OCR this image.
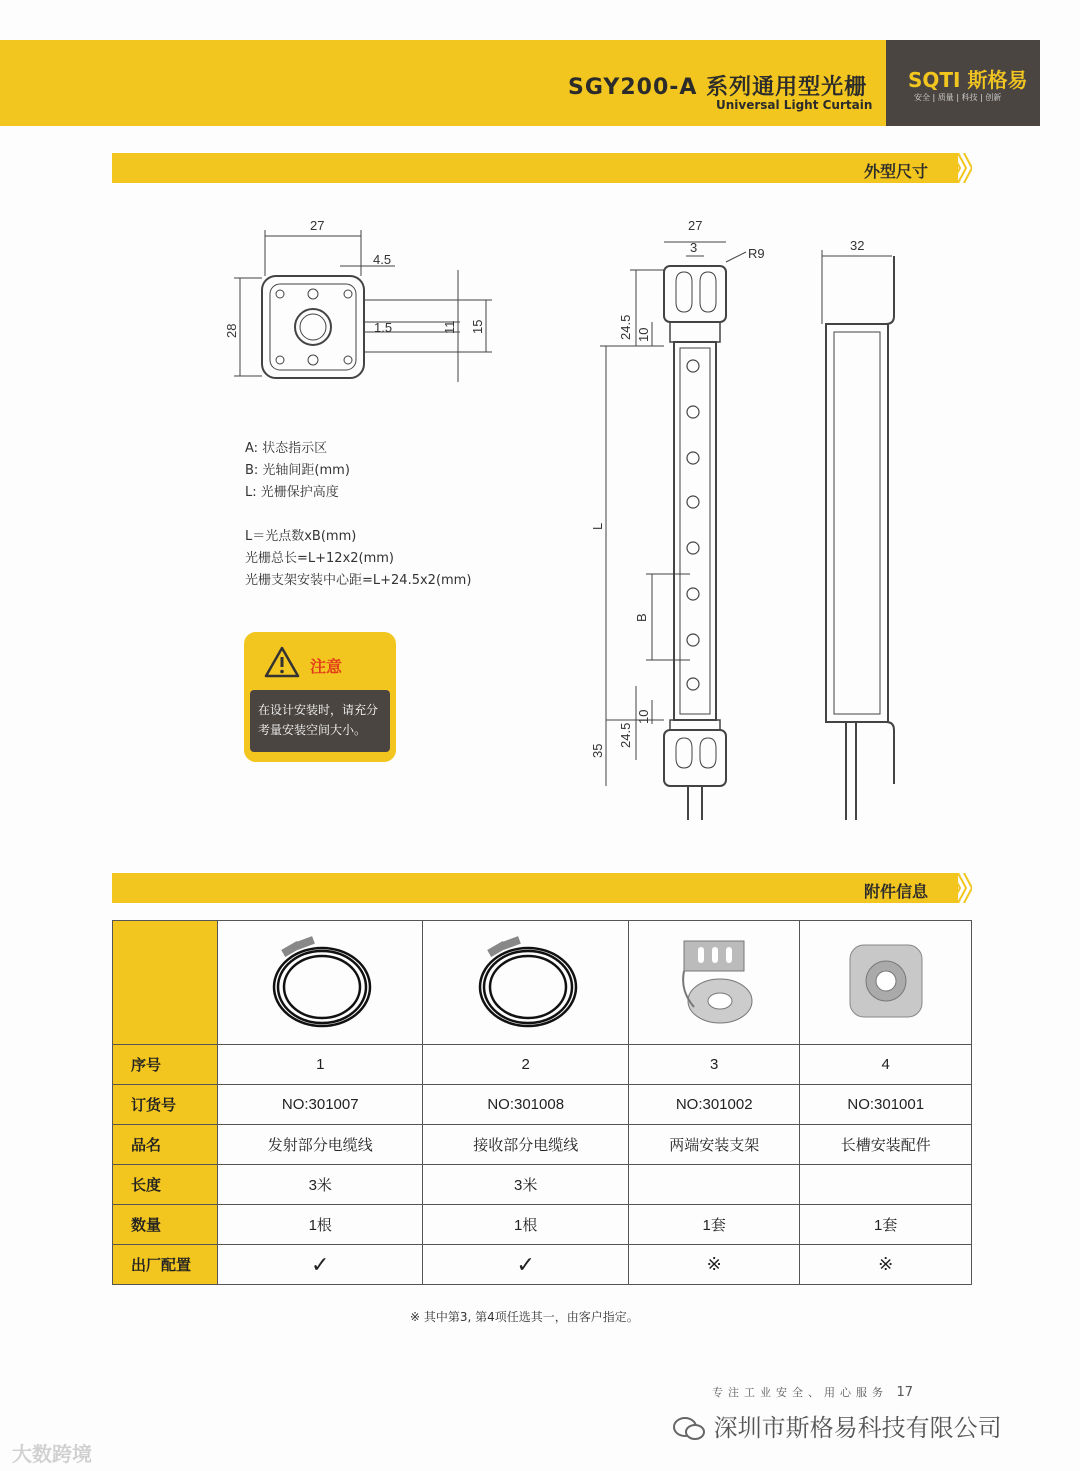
SGY200-A 系列通用型光栅
Universal Light Curtain
SQTI 斯格易
安全 | 质量 | 科技 | 创新
外型尺寸
27
4.5
1.5
28	11 15
27
3	R9
24.5 10
L
B
10
24.5
35
32
A: 状态指示区
B: 光轴间距(mm)
L: 光栅保护高度
L＝光点数xB(mm)
光栅总长=L+12x2(mm)
光栅支架安装中心距=L+24.5x2(mm)
注意
在设计安装时，请充分
考量安装空间大小。
附件信息

序号	1	2	3	4
订货号	NO:301007	NO:301008	NO:301002	NO:301001
品名	发射部分电缆线	接收部分电缆线	两端安装支架	长槽安装配件
长度	3米	3米		
数量	1根	1根	1套	1套
出厂配置	✓	✓	※	※
※ 其中第3, 第4项任选其一，由客户指定。
专注工业安全、用心服务 17
深圳市斯格易科技有限公司
大数跨境
